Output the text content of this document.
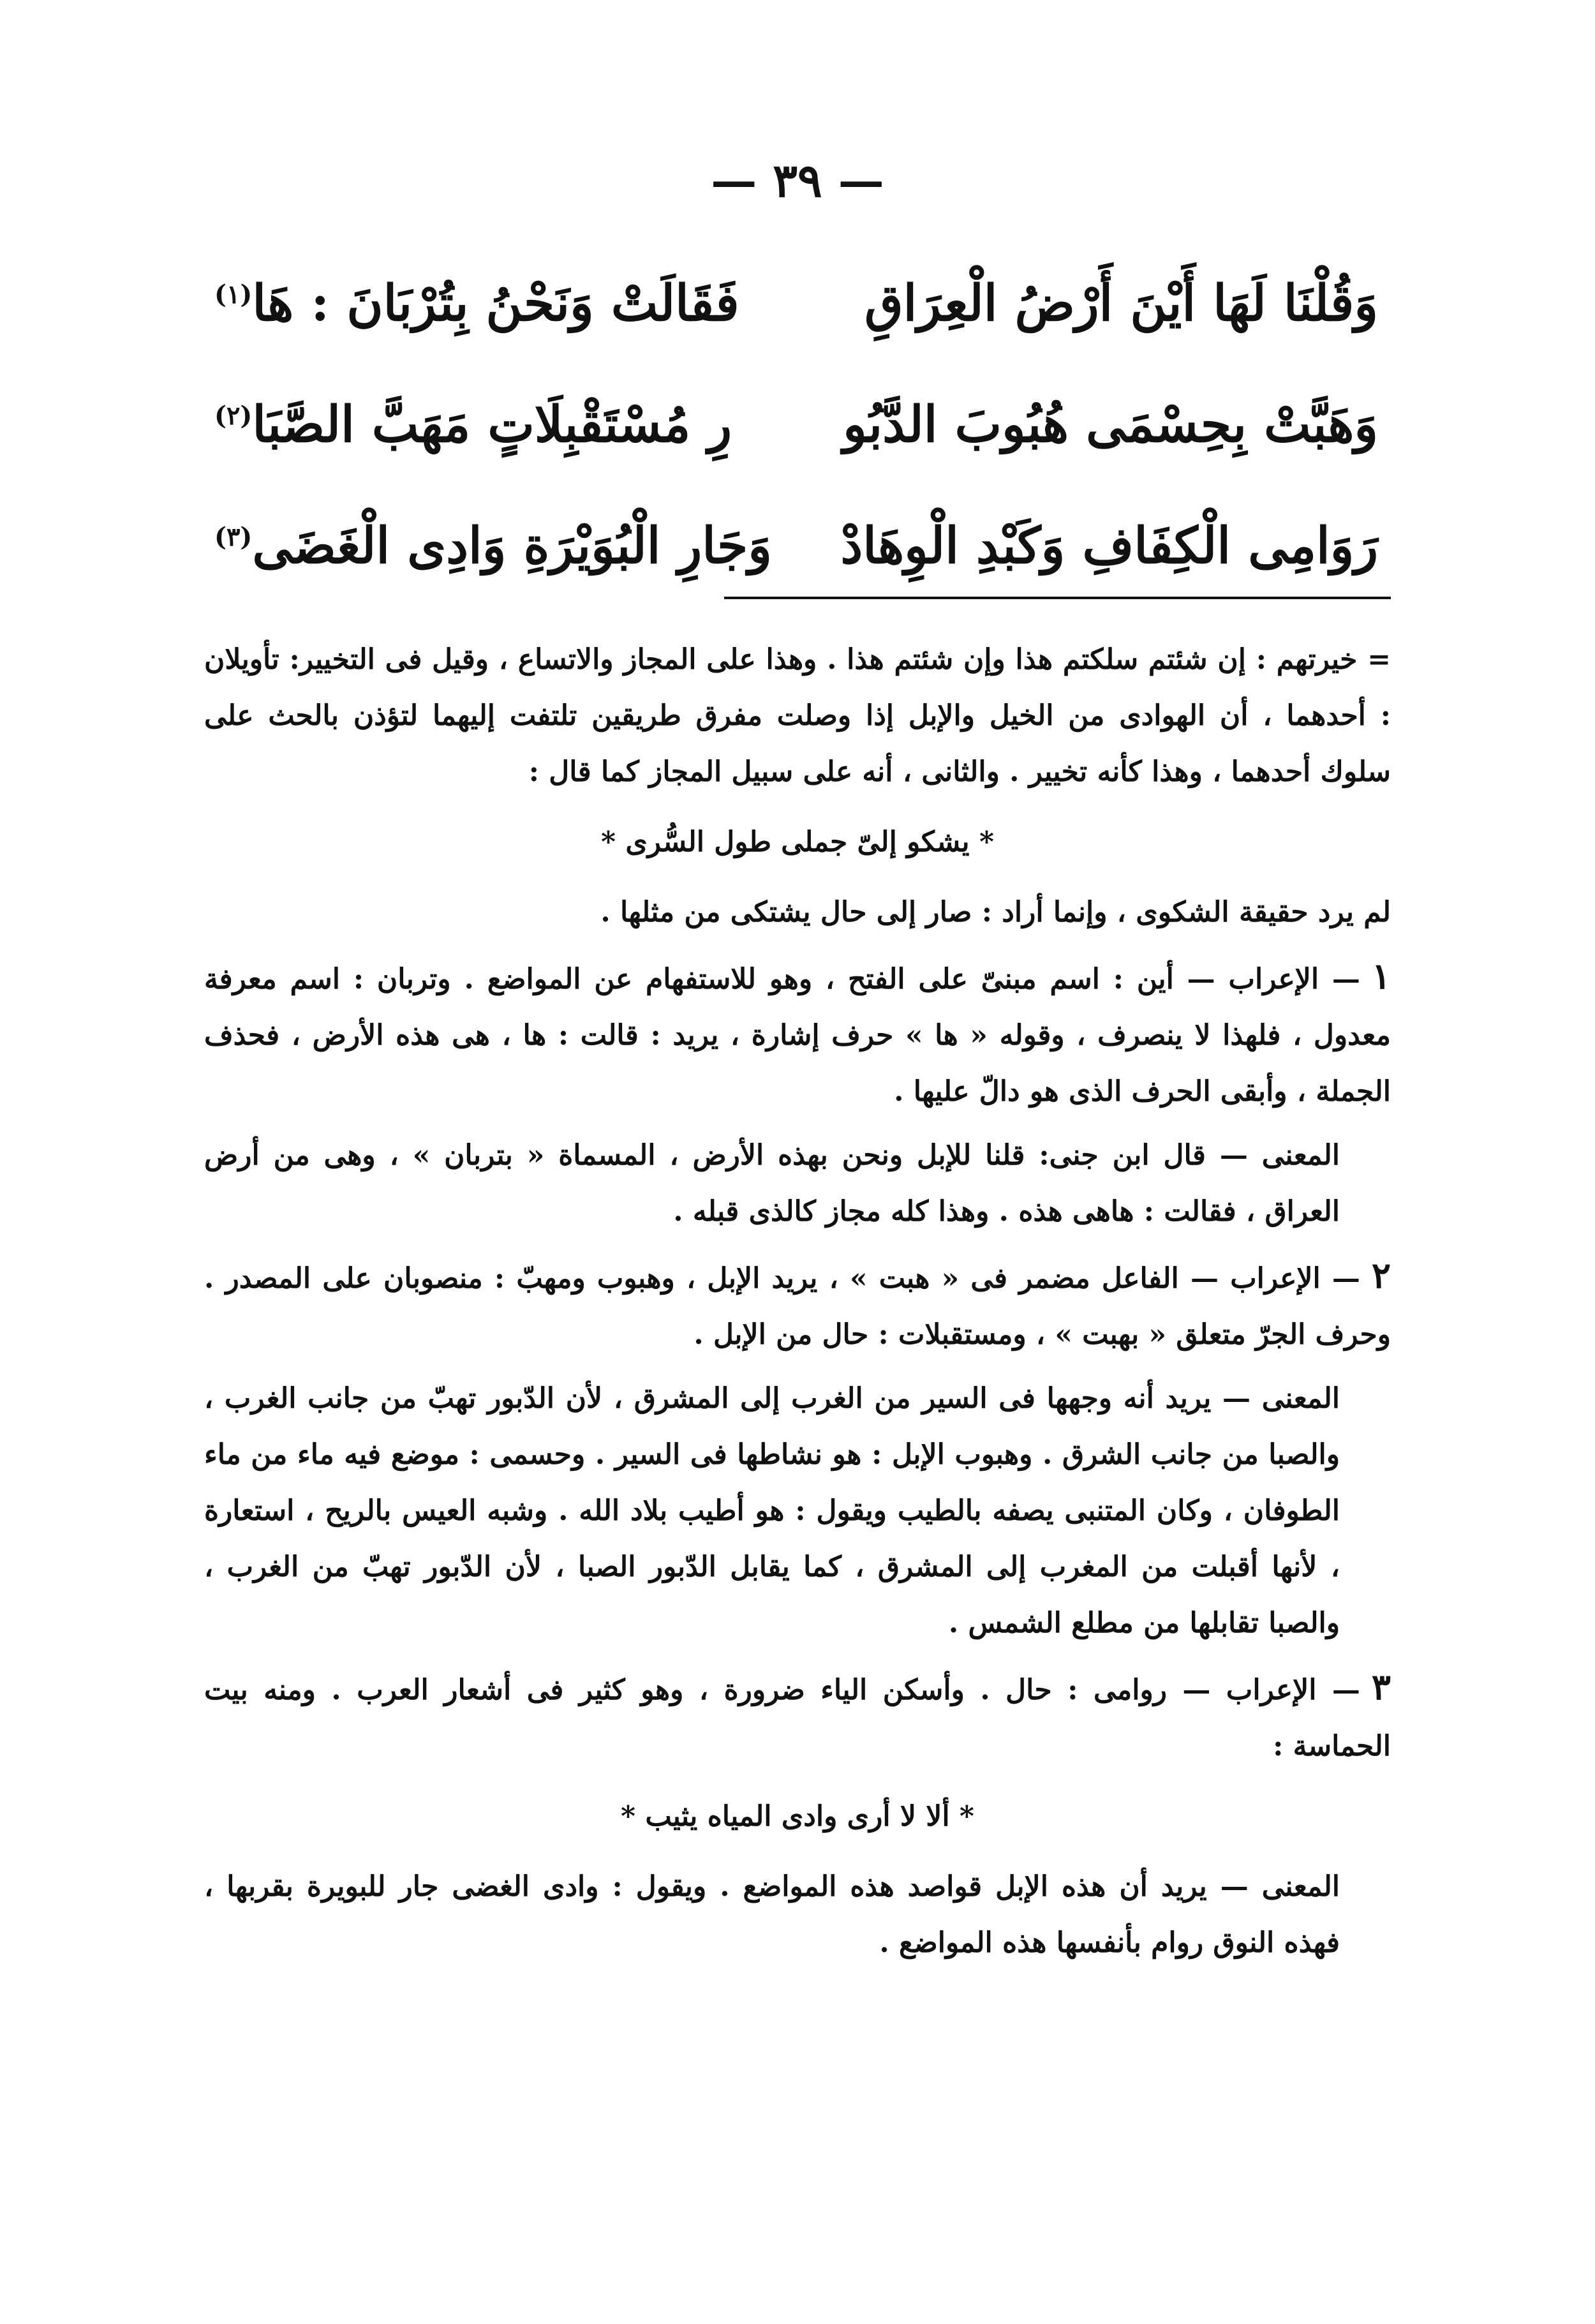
— ٣٩ —
وَقُلْنَا لَهَا أَيْنَ أَرْضُ الْعِرَاقِ
فَقَالَتْ وَنَحْنُ بِتُرْبَانَ : هَا$^{(١)}$
وَهَبَّتْ بِحِسْمَى هُبُوبَ الدَّبُو
رِ مُسْتَقْبِلَاتٍ مَهَبَّ الصَّبَا$^{(٢)}$
رَوَامِى الْكِفَافِ وَكَبْدِ الْوِهَادْ
وَجَارِ الْبُوَيْرَةِ وَادِى الْغَضَى$^{(٣)}$

= خيرتهم : إن شئتم سلكتم هذا وإن شئتم هذا . وهذا على المجاز والاتساع ، وقيل فى التخيير: تأويلان : أحدهما ، أن الهوادى من الخيل والإبل إذا وصلت مفرق طريقين تلتفت إليهما لتؤذن بالحث على سلوك أحدهما ، وهذا كأنه تخيير . والثانى ، أنه على سبيل المجاز كما قال :

* يشكو إلىّ جملى طول السُّرى *

لم يرد حقيقة الشكوى ، وإنما أراد : صار إلى حال يشتكى من مثلها .

١— الإعراب — أين : اسم مبنىّ على الفتح ، وهو للاستفهام عن المواضع . وتربان : اسم معرفة معدول ، فلهذا لا ينصرف ، وقوله « ها » حرف إشارة ، يريد : قالت : ها ، هى هذه الأرض ، فحذف الجملة ، وأبقى الحرف الذى هو دالّ عليها .

المعنى — قال ابن جنى: قلنا للإبل ونحن بهذه الأرض ، المسماة « بتربان » ، وهى من أرض العراق ، فقالت : هاهى هذه . وهذا كله مجاز كالذى قبله .

٢— الإعراب — الفاعل مضمر فى « هبت » ، يريد الإبل ، وهبوب ومهبّ : منصوبان على المصدر . وحرف الجرّ متعلق « بهبت » ، ومستقبلات : حال من الإبل .

المعنى — يريد أنه وجهها فى السير من الغرب إلى المشرق ، لأن الدّبور تهبّ من جانب الغرب ، والصبا من جانب الشرق . وهبوب الإبل : هو نشاطها فى السير . وحسمى : موضع فيه ماء من ماء الطوفان ، وكان المتنبى يصفه بالطيب ويقول : هو أطيب بلاد الله . وشبه العيس بالريح ، استعارة ، لأنها أقبلت من المغرب إلى المشرق ، كما يقابل الدّبور الصبا ، لأن الدّبور تهبّ من الغرب ، والصبا تقابلها من مطلع الشمس .

٣— الإعراب — روامى : حال . وأسكن الياء ضرورة ، وهو كثير فى أشعار العرب . ومنه بيت الحماسة :

* ألا لا أرى وادى المياه يثيب *

المعنى — يريد أن هذه الإبل قواصد هذه المواضع . ويقول : وادى الغضى جار للبويرة بقربها ، فهذه النوق روام بأنفسها هذه المواضع .
